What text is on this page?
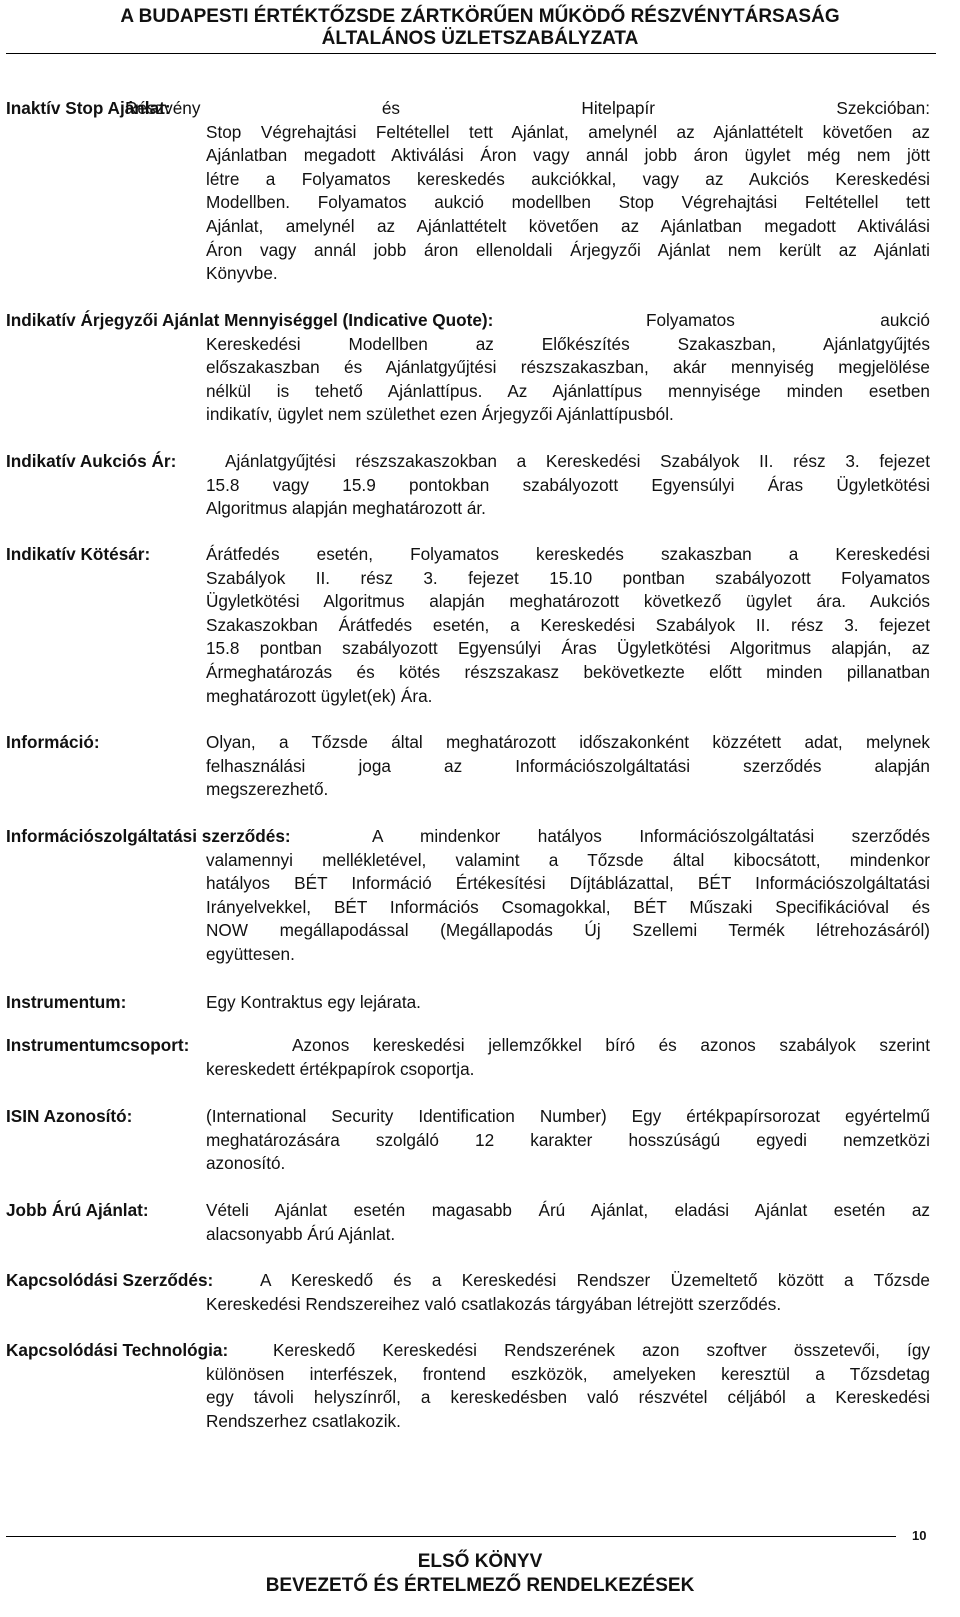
A BUDAPESTI ÉRTÉKTŐZSDE ZÁRTKÖRŰEN MŰKÖDŐ RÉSZVÉNYTÁRSASÁG
ÁLTALÁNOS ÜZLETSZABÁLYZATA
Inaktív Stop Ajánlat:
Részvény és Hitelpapír Szekcióban:
Stop Végrehajtási Feltétellel tett Ajánlat, amelynél az Ajánlattételt követően az
Ajánlatban megadott Aktiválási Áron vagy annál jobb áron ügylet még nem jött
létre a Folyamatos kereskedés aukciókkal, vagy az Aukciós Kereskedési
Modellben. Folyamatos aukció modellben Stop Végrehajtási Feltétellel tett
Ajánlat, amelynél az Ajánlattételt követően az Ajánlatban megadott Aktiválási
Áron vagy annál jobb áron ellenoldali Árjegyzői Ajánlat nem került az Ajánlati
Könyvbe.
Indikatív Árjegyzői Ajánlat Mennyiséggel (Indicative Quote):	Folyamatos aukció
Kereskedési Modellben az Előkészítés Szakaszban, Ajánlatgyűjtés
előszakaszban és Ajánlatgyűjtési részszakaszban, akár mennyiség megjelölése
nélkül is tehető Ajánlattípus. Az Ajánlattípus mennyisége minden esetben
indikatív, ügylet nem születhet ezen Árjegyzői Ajánlattípusból.
Indikatív Aukciós Ár:	Ajánlatgyűjtési részszakaszokban a Kereskedési Szabályok II. rész 3. fejezet
15.8 vagy 15.9 pontokban szabályozott Egyensúlyi Áras Ügyletkötési
Algoritmus alapján meghatározott ár.
Indikatív Kötésár:	Árátfedés esetén, Folyamatos kereskedés szakaszban a Kereskedési
Szabályok II. rész 3. fejezet 15.10 pontban szabályozott Folyamatos
Ügyletkötési Algoritmus alapján meghatározott következő ügylet ára. Aukciós
Szakaszokban Árátfedés esetén, a Kereskedési Szabályok II. rész 3. fejezet
15.8 pontban szabályozott Egyensúlyi Áras Ügyletkötési Algoritmus alapján, az
Ármeghatározás és kötés részszakasz bekövetkezte előtt minden pillanatban
meghatározott ügylet(ek) Ára.
Információ:	Olyan, a Tőzsde által meghatározott időszakonként közzétett adat, melynek
felhasználási joga az Információszolgáltatási szerződés alapján
megszerezhető.
Információszolgáltatási szerződés:	A mindenkor hatályos Információszolgáltatási szerződés
valamennyi mellékletével, valamint a Tőzsde által kibocsátott, mindenkor
hatályos BÉT Információ Értékesítési Díjtáblázattal, BÉT Információszolgáltatási
Irányelvekkel, BÉT Információs Csomagokkal, BÉT Műszaki Specifikációval és
NOW megállapodással (Megállapodás Új Szellemi Termék létrehozásáról)
együttesen.
Instrumentum:	Egy Kontraktus egy lejárata.
Instrumentumcsoport:	Azonos kereskedési jellemzőkkel bíró és azonos szabályok szerint
kereskedett értékpapírok csoportja.
ISIN Azonosító:	(International Security Identification Number) Egy értékpapírsorozat egyértelmű
meghatározására szolgáló 12 karakter hosszúságú egyedi nemzetközi
azonosító.
Jobb Árú Ajánlat:	Vételi Ajánlat esetén magasabb Árú Ajánlat, eladási Ajánlat esetén az
alacsonyabb Árú Ajánlat.
Kapcsolódási Szerződés:	A Kereskedő és a Kereskedési Rendszer Üzemeltető között a Tőzsde
Kereskedési Rendszereihez való csatlakozás tárgyában létrejött szerződés.
Kapcsolódási Technológia:	Kereskedő Kereskedési Rendszerének azon szoftver összetevői, így
különösen interfészek, frontend eszközök, amelyeken keresztül a Tőzsdetag
egy távoli helyszínről, a kereskedésben való részvétel céljából a Kereskedési
Rendszerhez csatlakozik.
10
ELSŐ KÖNYV
BEVEZETŐ ÉS ÉRTELMEZŐ RENDELKEZÉSEK
